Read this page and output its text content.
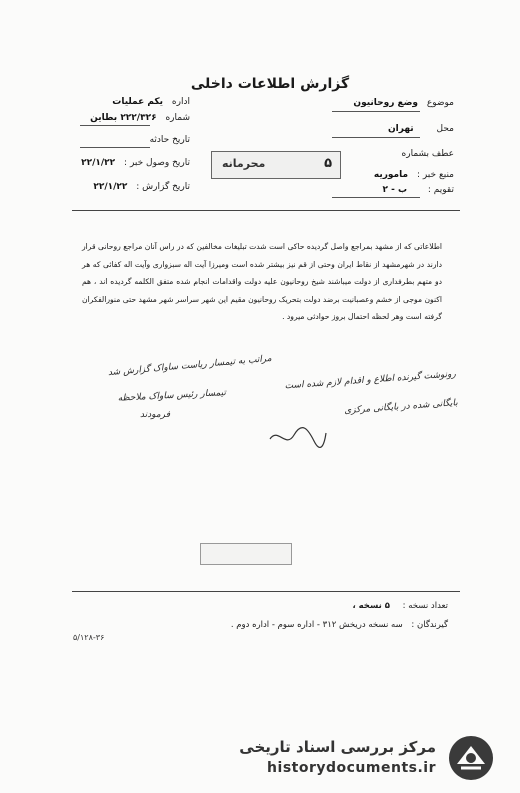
گزارش اطلاعات داخلی
موضوع وضع روحانیون
محل تهران
عطف بشماره
منبع خبر : ماموریه
تقویم : ب - ۲
اداره یکم عملیات
شماره ۲۲۲/۳۲۶ بطاین
تاریخ حادثه
تاریخ وصول خبر : ۲۲/۱/۲۲
تاریخ گزارش : ۲۲/۱/۲۲
محرمانه	۵
اطلاعاتی که از مشهد بمراجع واصل گردیده حاکی است شدت تبلیغات مخالفین که در راس آنان مراجع روحانی قرار دارند در شهرمشهد از نقاط ایران وحتی از قم نیز بیشتر شده است ومیرزا آیت اله سبزواری وآیت اله کفائی که هر دو متهم بطرفداری از دولت میباشند شیخ روحانیون علیه دولت واقدامات انجام شده متفق الکلمه گردیده اند ، هم اکنون موجی از خشم وعصبانیت برضد دولت بتحریک روحانیون مقیم این شهر سراسر شهر مشهد حتی منورالفکران گرفته است وهر لحظه احتمال بروز حوادثی میرود .
مراتب به تیمسار ریاست ساواک گزارش شد
تیمسار رئیس ساواک ملاحظه
فرمودند
رونوشت گیرنده اطلاع و اقدام لازم شده است
بایگانی شده در بایگانی مرکزی
تعداد نسخه : ۵ نسخه ،
گیرندگان : سه نسخه دریخش ۳۱۲ - اداره سوم - اداره دوم .
۵/۱۲۸-۳۶
مرکز بررسی اسناد تاریخی
historydocuments.ir
